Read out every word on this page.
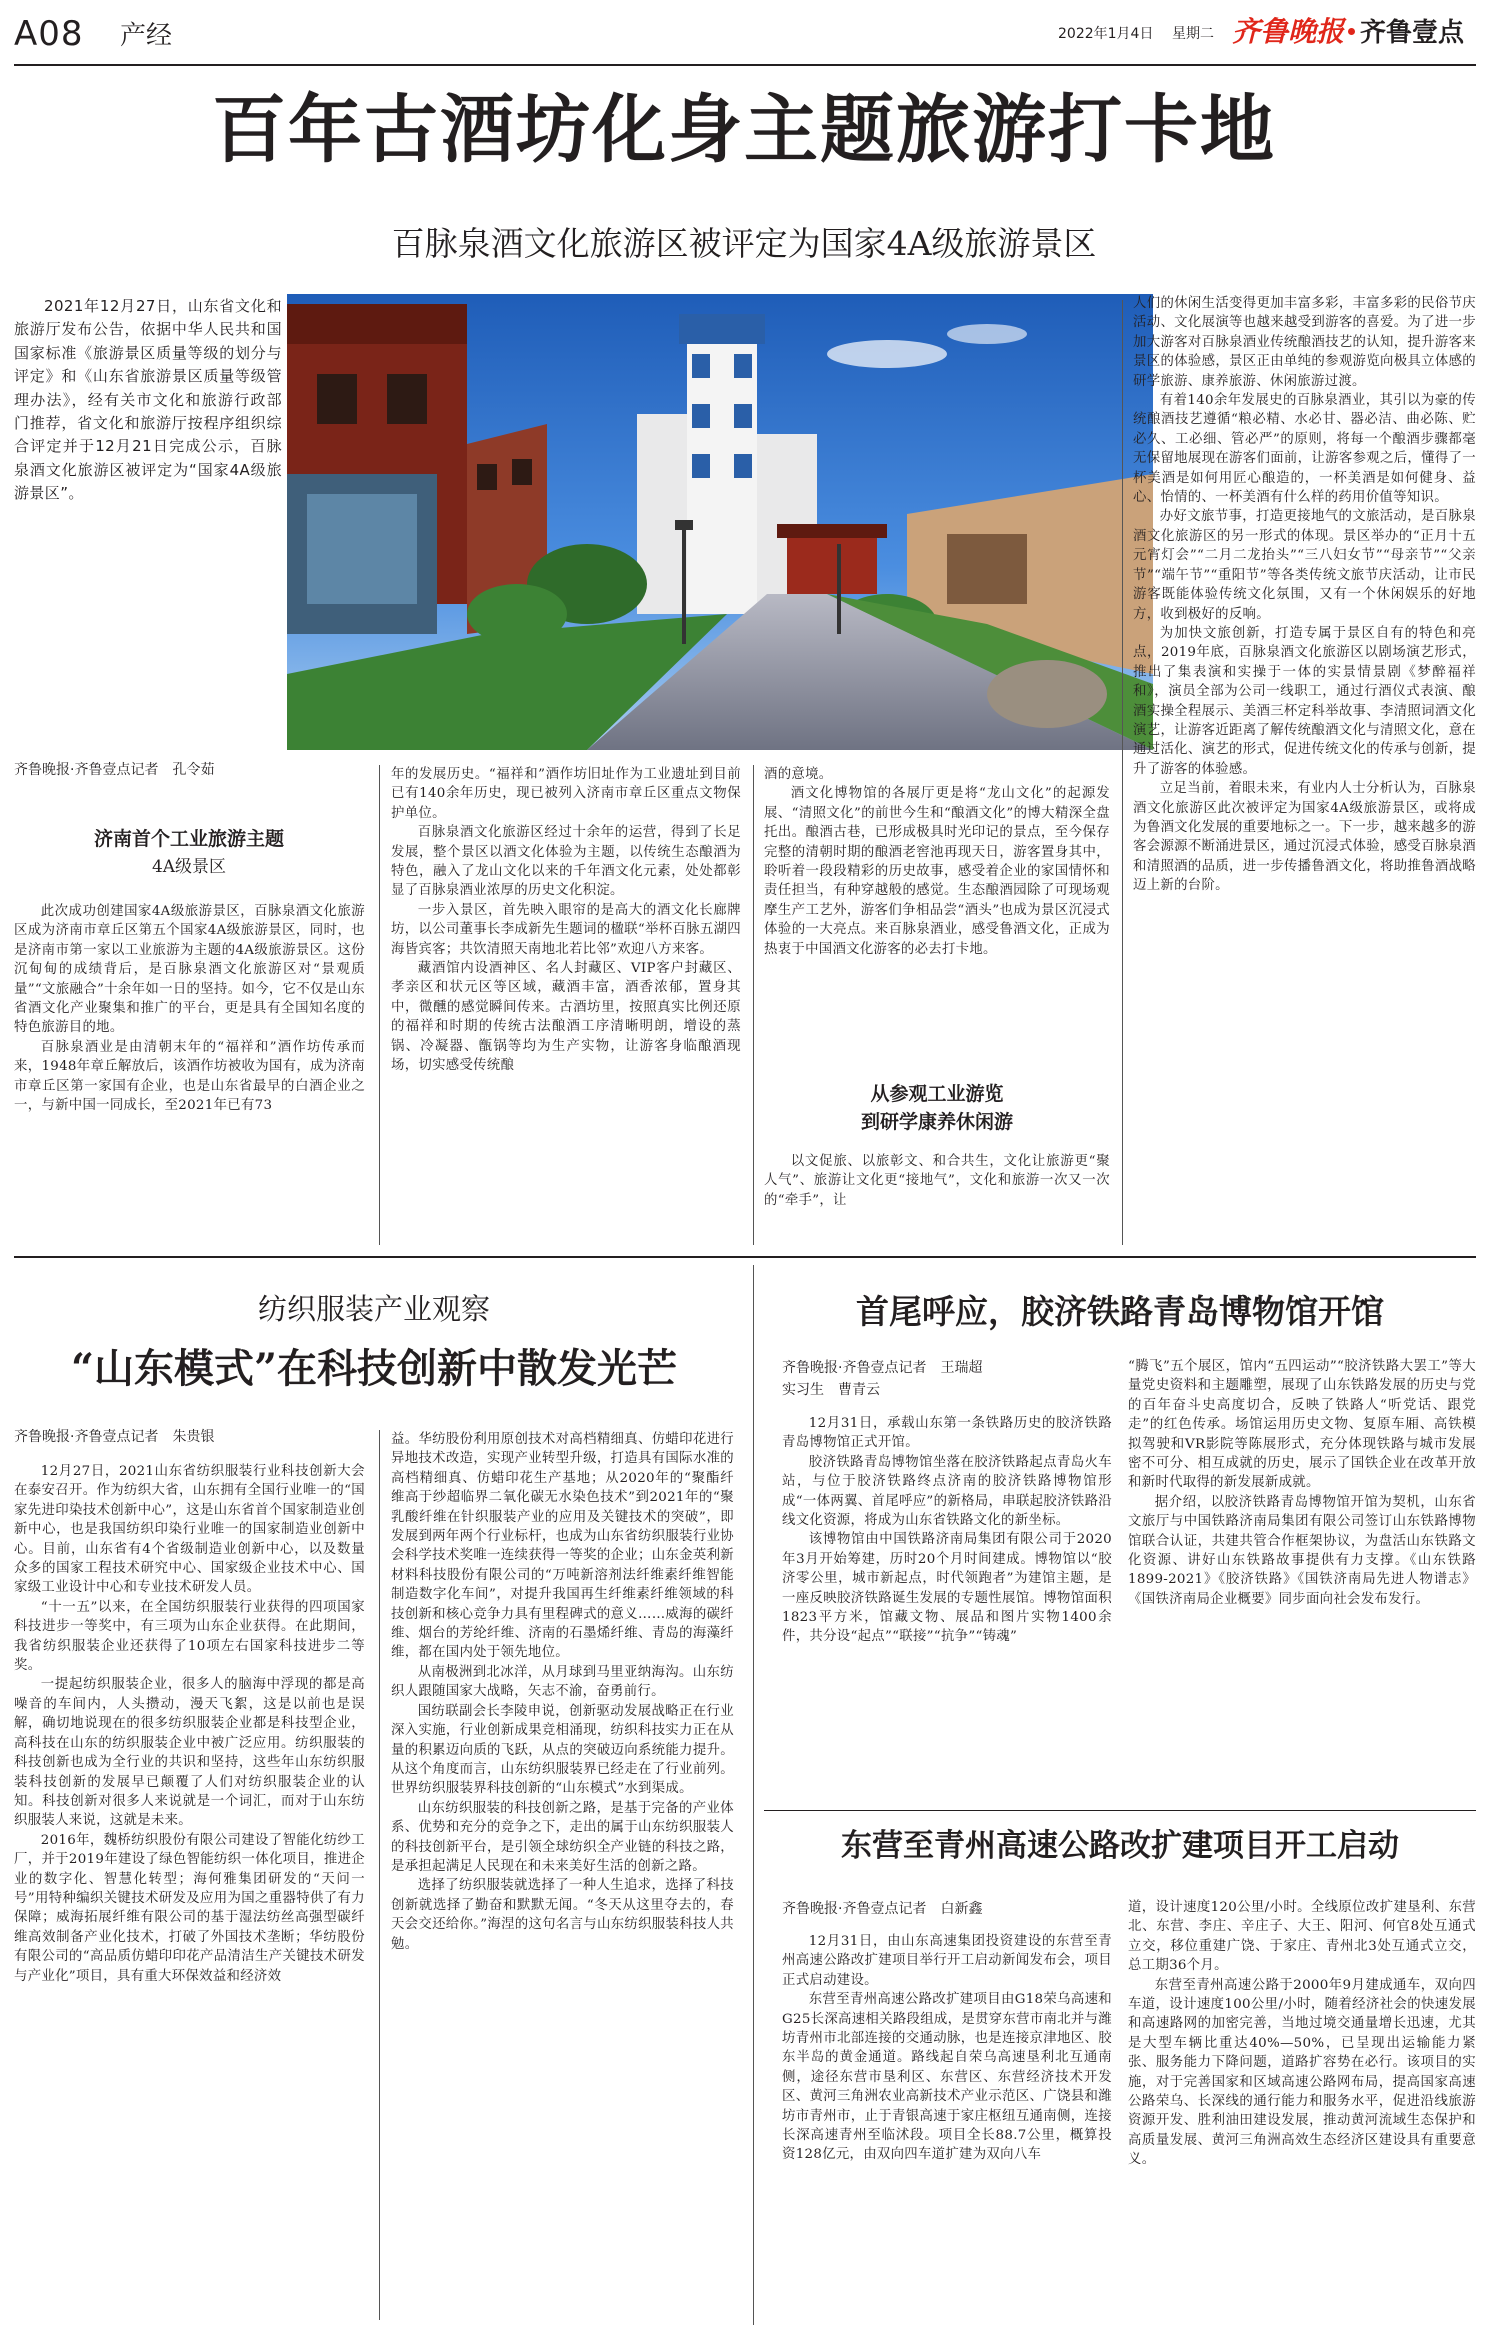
A08 产经	2022年1月4日 星期二 齐鲁晚报 齐鲁壹点
百年古酒坊化身主题旅游打卡地
百脉泉酒文化旅游区被评定为国家4A级旅游景区
2021年12月27日，山东省文化和旅游厅发布公告，依据中华人民共和国国家标准《旅游景区质量等级的划分与评定》和《山东省旅游景区质量等级管理办法》，经有关市文化和旅游行政部门推荐，省文化和旅游厅按程序组织综合评定并于12月21日完成公示，百脉泉酒文化旅游区被评定为“国家4A级旅游景区”。
齐鲁晚报·齐鲁壹点记者　孔令茹
济南首个工业旅游主题
4A级景区

此次成功创建国家4A级旅游景区，百脉泉酒文化旅游区成为济南市章丘区第五个国家4A级旅游景区，同时，也是济南市第一家以工业旅游为主题的4A级旅游景区。这份沉甸甸的成绩背后，是百脉泉酒文化旅游区对“景观质量”“文旅融合”十余年如一日的坚持。如今，它不仅是山东省酒文化产业聚集和推广的平台，更是具有全国知名度的特色旅游目的地。

百脉泉酒业是由清朝末年的“福祥和”酒作坊传承而来，1948年章丘解放后，该酒作坊被收为国有，成为济南市章丘区第一家国有企业，也是山东省最早的白酒企业之一，与新中国一同成长，至2021年已有73

年的发展历史。“福祥和”酒作坊旧址作为工业遗址到目前已有140余年历史，现已被列入济南市章丘区重点文物保护单位。

百脉泉酒文化旅游区经过十余年的运营，得到了长足发展，整个景区以酒文化体验为主题，以传统生态酿酒为特色，融入了龙山文化以来的千年酒文化元素，处处都彰显了百脉泉酒业浓厚的历史文化积淀。

一步入景区，首先映入眼帘的是高大的酒文化长廊牌坊，以公司董事长李成新先生题词的楹联“举杯百脉五湖四海皆宾客；共饮清照天南地北若比邻”欢迎八方来客。

藏酒馆内设酒神区、名人封藏区、VIP客户封藏区、孝亲区和状元区等区域，藏酒丰富，酒香浓郁，置身其中，微醺的感觉瞬间传来。古酒坊里，按照真实比例还原的福祥和时期的传统古法酿酒工序清晰明朗，增设的蒸锅、冷凝器、甑锅等均为生产实物，让游客身临酿酒现场，切实感受传统酿

酒的意境。

酒文化博物馆的各展厅更是将“龙山文化”的起源发展、“清照文化”的前世今生和“酿酒文化”的博大精深全盘托出。酿酒古巷，已形成极具时光印记的景点，至今保存完整的清朝时期的酿酒老窖池再现天日，游客置身其中，聆听着一段段精彩的历史故事，感受着企业的家国情怀和责任担当，有种穿越般的感觉。生态酿酒园除了可现场观摩生产工艺外，游客们争相品尝“酒头”也成为景区沉浸式体验的一大亮点。来百脉泉酒业，感受鲁酒文化，正成为热衷于中国酒文化游客的必去打卡地。

从参观工业游览
到研学康养休闲游

以文促旅、以旅彰文、和合共生，文化让旅游更“聚人气”、旅游让文化更“接地气”，文化和旅游一次又一次的“牵手”，让

人们的休闲生活变得更加丰富多彩，丰富多彩的民俗节庆活动、文化展演等也越来越受到游客的喜爱。为了进一步加大游客对百脉泉酒业传统酿酒技艺的认知，提升游客来景区的体验感，景区正由单纯的参观游览向极具立体感的研学旅游、康养旅游、休闲旅游过渡。

有着140余年发展史的百脉泉酒业，其引以为豪的传统酿酒技艺遵循“粮必精、水必甘、器必洁、曲必陈、贮必久、工必细、管必严”的原则，将每一个酿酒步骤都毫无保留地展现在游客们面前，让游客参观之后，懂得了一杯美酒是如何用匠心酿造的，一杯美酒是如何健身、益心、怡情的、一杯美酒有什么样的药用价值等知识。

办好文旅节事，打造更接地气的文旅活动，是百脉泉酒文化旅游区的另一形式的体现。景区举办的“正月十五元宵灯会”“二月二龙抬头”“三八妇女节”“母亲节”“父亲节”“端午节”“重阳节”等各类传统文旅节庆活动，让市民游客既能体验传统文化氛围，又有一个休闲娱乐的好地方，收到极好的反响。

为加快文旅创新，打造专属于景区自有的特色和亮点，2019年底，百脉泉酒文化旅游区以剧场演艺形式，推出了集表演和实操于一体的实景情景剧《梦醉福祥和》，演员全部为公司一线职工，通过行酒仪式表演、酿酒实操全程展示、美酒三杯定科举故事、李清照词酒文化演艺，让游客近距离了解传统酿酒文化与清照文化，意在通过活化、演艺的形式，促进传统文化的传承与创新，提升了游客的体验感。

立足当前，着眼未来，有业内人士分析认为，百脉泉酒文化旅游区此次被评定为国家4A级旅游景区，或将成为鲁酒文化发展的重要地标之一。下一步，越来越多的游客会源源不断涌进景区，通过沉浸式体验，感受百脉泉酒和清照酒的品质，进一步传播鲁酒文化，将助推鲁酒战略迈上新的台阶。

纺织服装产业观察
“山东模式”在科技创新中散发光芒
齐鲁晚报·齐鲁壹点记者　朱贵银

12月27日，2021山东省纺织服装行业科技创新大会在泰安召开。作为纺织大省，山东拥有全国行业唯一的“国家先进印染技术创新中心”，这是山东省首个国家制造业创新中心，也是我国纺织印染行业唯一的国家制造业创新中心。目前，山东省有4个省级制造业创新中心，以及数量众多的国家工程技术研究中心、国家级企业技术中心、国家级工业设计中心和专业技术研发人员。

“十一五”以来，在全国纺织服装行业获得的四项国家科技进步一等奖中，有三项为山东企业获得。在此期间，我省纺织服装企业还获得了10项左右国家科技进步二等奖。

一提起纺织服装企业，很多人的脑海中浮现的都是高噪音的车间内，人头攒动，漫天飞絮，这是以前也是误解，确切地说现在的很多纺织服装企业都是科技型企业，高科技在山东的纺织服装企业中被广泛应用。纺织服装的科技创新也成为全行业的共识和坚持，这些年山东纺织服装科技创新的发展早已颠覆了人们对纺织服装企业的认知。科技创新对很多人来说就是一个词汇，而对于山东纺织服装人来说，这就是未来。

2016年，魏桥纺织股份有限公司建设了智能化纺纱工厂，并于2019年建设了绿色智能纺织一体化项目，推进企业的数字化、智慧化转型；海何雅集团研发的“天问一号”用特种编织关键技术研发及应用为国之重器特供了有力保障；威海拓展纤维有限公司的基于湿法纺丝高强型碳纤维高效制备产业化技术，打破了外国技术垄断；华纺股份有限公司的“高品质仿蜡印印花产品清洁生产关键技术研发与产业化”项目，具有重大环保效益和经济效

益。华纺股份利用原创技术对高档精细真、仿蜡印花进行异地技术改造，实现产业转型升级，打造具有国际水准的高档精细真、仿蜡印花生产基地；从2020年的“聚酯纤维高于纱超临界二氧化碳无水染色技术”到2021年的“聚乳酸纤维在针织服装产业的应用及关键技术的突破”，即发展到两年两个行业标杆，也成为山东省纺织服装行业协会科学技术奖唯一连续获得一等奖的企业；山东金英利新材料科技股份有限公司的“万吨新溶剂法纤维素纤维智能制造数字化车间”，对提升我国再生纤维素纤维领域的科技创新和核心竞争力具有里程碑式的意义……威海的碳纤维、烟台的芳纶纤维、济南的石墨烯纤维、青岛的海藻纤维，都在国内处于领先地位。

从南极洲到北冰洋，从月球到马里亚纳海沟。山东纺织人跟随国家大战略，矢志不渝，奋勇前行。

国纺联副会长李陵申说，创新驱动发展战略正在行业深入实施，行业创新成果竞相涌现，纺织科技实力正在从量的积累迈向质的飞跃，从点的突破迈向系统能力提升。从这个角度而言，山东纺织服装界已经走在了行业前列。世界纺织服装界科技创新的“山东模式”水到渠成。

山东纺织服装的科技创新之路，是基于完备的产业体系、优势和充分的竞争之下，走出的属于山东纺织服装人的科技创新平台，是引领全球纺织全产业链的科技之路，是承担起满足人民现在和未来美好生活的创新之路。

选择了纺织服装就选择了一种人生追求，选择了科技创新就选择了勤奋和默默无闻。“冬天从这里夺去的，春天会交还给你。”海涅的这句名言与山东纺织服装科技人共勉。

首尾呼应，胶济铁路青岛博物馆开馆
齐鲁晚报·齐鲁壹点记者　王瑞超
实习生　曹青云

12月31日，承载山东第一条铁路历史的胶济铁路青岛博物馆正式开馆。

胶济铁路青岛博物馆坐落在胶济铁路起点青岛火车站，与位于胶济铁路终点济南的胶济铁路博物馆形成“一体两翼、首尾呼应”的新格局，串联起胶济铁路沿线文化资源，将成为山东省铁路文化的新坐标。

该博物馆由中国铁路济南局集团有限公司于2020年3月开始筹建，历时20个月时间建成。博物馆以“胶济零公里，城市新起点，时代领跑者”为建馆主题，是一座反映胶济铁路诞生发展的专题性展馆。博物馆面积1823平方米，馆藏文物、展品和图片实物1400余件，共分设“起点”“联接”“抗争”“铸魂”

“腾飞”五个展区，馆内“五四运动”“胶济铁路大罢工”等大量党史资料和主题雕塑，展现了山东铁路发展的历史与党的百年奋斗史高度切合，反映了铁路人“听党话、跟党走”的红色传承。场馆运用历史文物、复原车厢、高铁模拟驾驶和VR影院等陈展形式，充分体现铁路与城市发展密不可分、相互成就的历史，展示了国铁企业在改革开放和新时代取得的新发展新成就。

据介绍，以胶济铁路青岛博物馆开馆为契机，山东省文旅厅与中国铁路济南局集团有限公司签订山东铁路博物馆联合认证，共建共管合作框架协议，为盘活山东铁路文化资源、讲好山东铁路故事提供有力支撑。《山东铁路1899-2021》《胶济铁路》《国铁济南局先进人物谱志》《国铁济南局企业概要》同步面向社会发布发行。

东营至青州高速公路改扩建项目开工启动
齐鲁晚报·齐鲁壹点记者　白新鑫

12月31日，由山东高速集团投资建设的东营至青州高速公路改扩建项目举行开工启动新闻发布会，项目正式启动建设。

东营至青州高速公路改扩建项目由G18荣乌高速和G25长深高速相关路段组成，是贯穿东营市南北并与潍坊青州市北部连接的交通动脉，也是连接京津地区、胶东半岛的黄金通道。路线起自荣乌高速垦利北互通南侧，途径东营市垦利区、东营区、东营经济技术开发区、黄河三角洲农业高新技术产业示范区、广饶县和潍坊市青州市，止于青银高速于家庄枢纽互通南侧，连接长深高速青州至临沭段。项目全长88.7公里，概算投资128亿元，由双向四车道扩建为双向八车

道，设计速度120公里/小时。全线原位改扩建垦利、东营北、东营、李庄、辛庄子、大王、阳河、何官8处互通式立交，移位重建广饶、于家庄、青州北3处互通式立交，总工期36个月。

东营至青州高速公路于2000年9月建成通车，双向四车道，设计速度100公里/小时，随着经济社会的快速发展和高速路网的加密完善，当地过境交通量增长迅速，尤其是大型车辆比重达40%—50%，已呈现出运输能力紧张、服务能力下降问题，道路扩容势在必行。该项目的实施，对于完善国家和区域高速公路网布局，提高国家高速公路荣乌、长深线的通行能力和服务水平，促进沿线旅游资源开发、胜利油田建设发展，推动黄河流域生态保护和高质量发展、黄河三角洲高效生态经济区建设具有重要意义。
